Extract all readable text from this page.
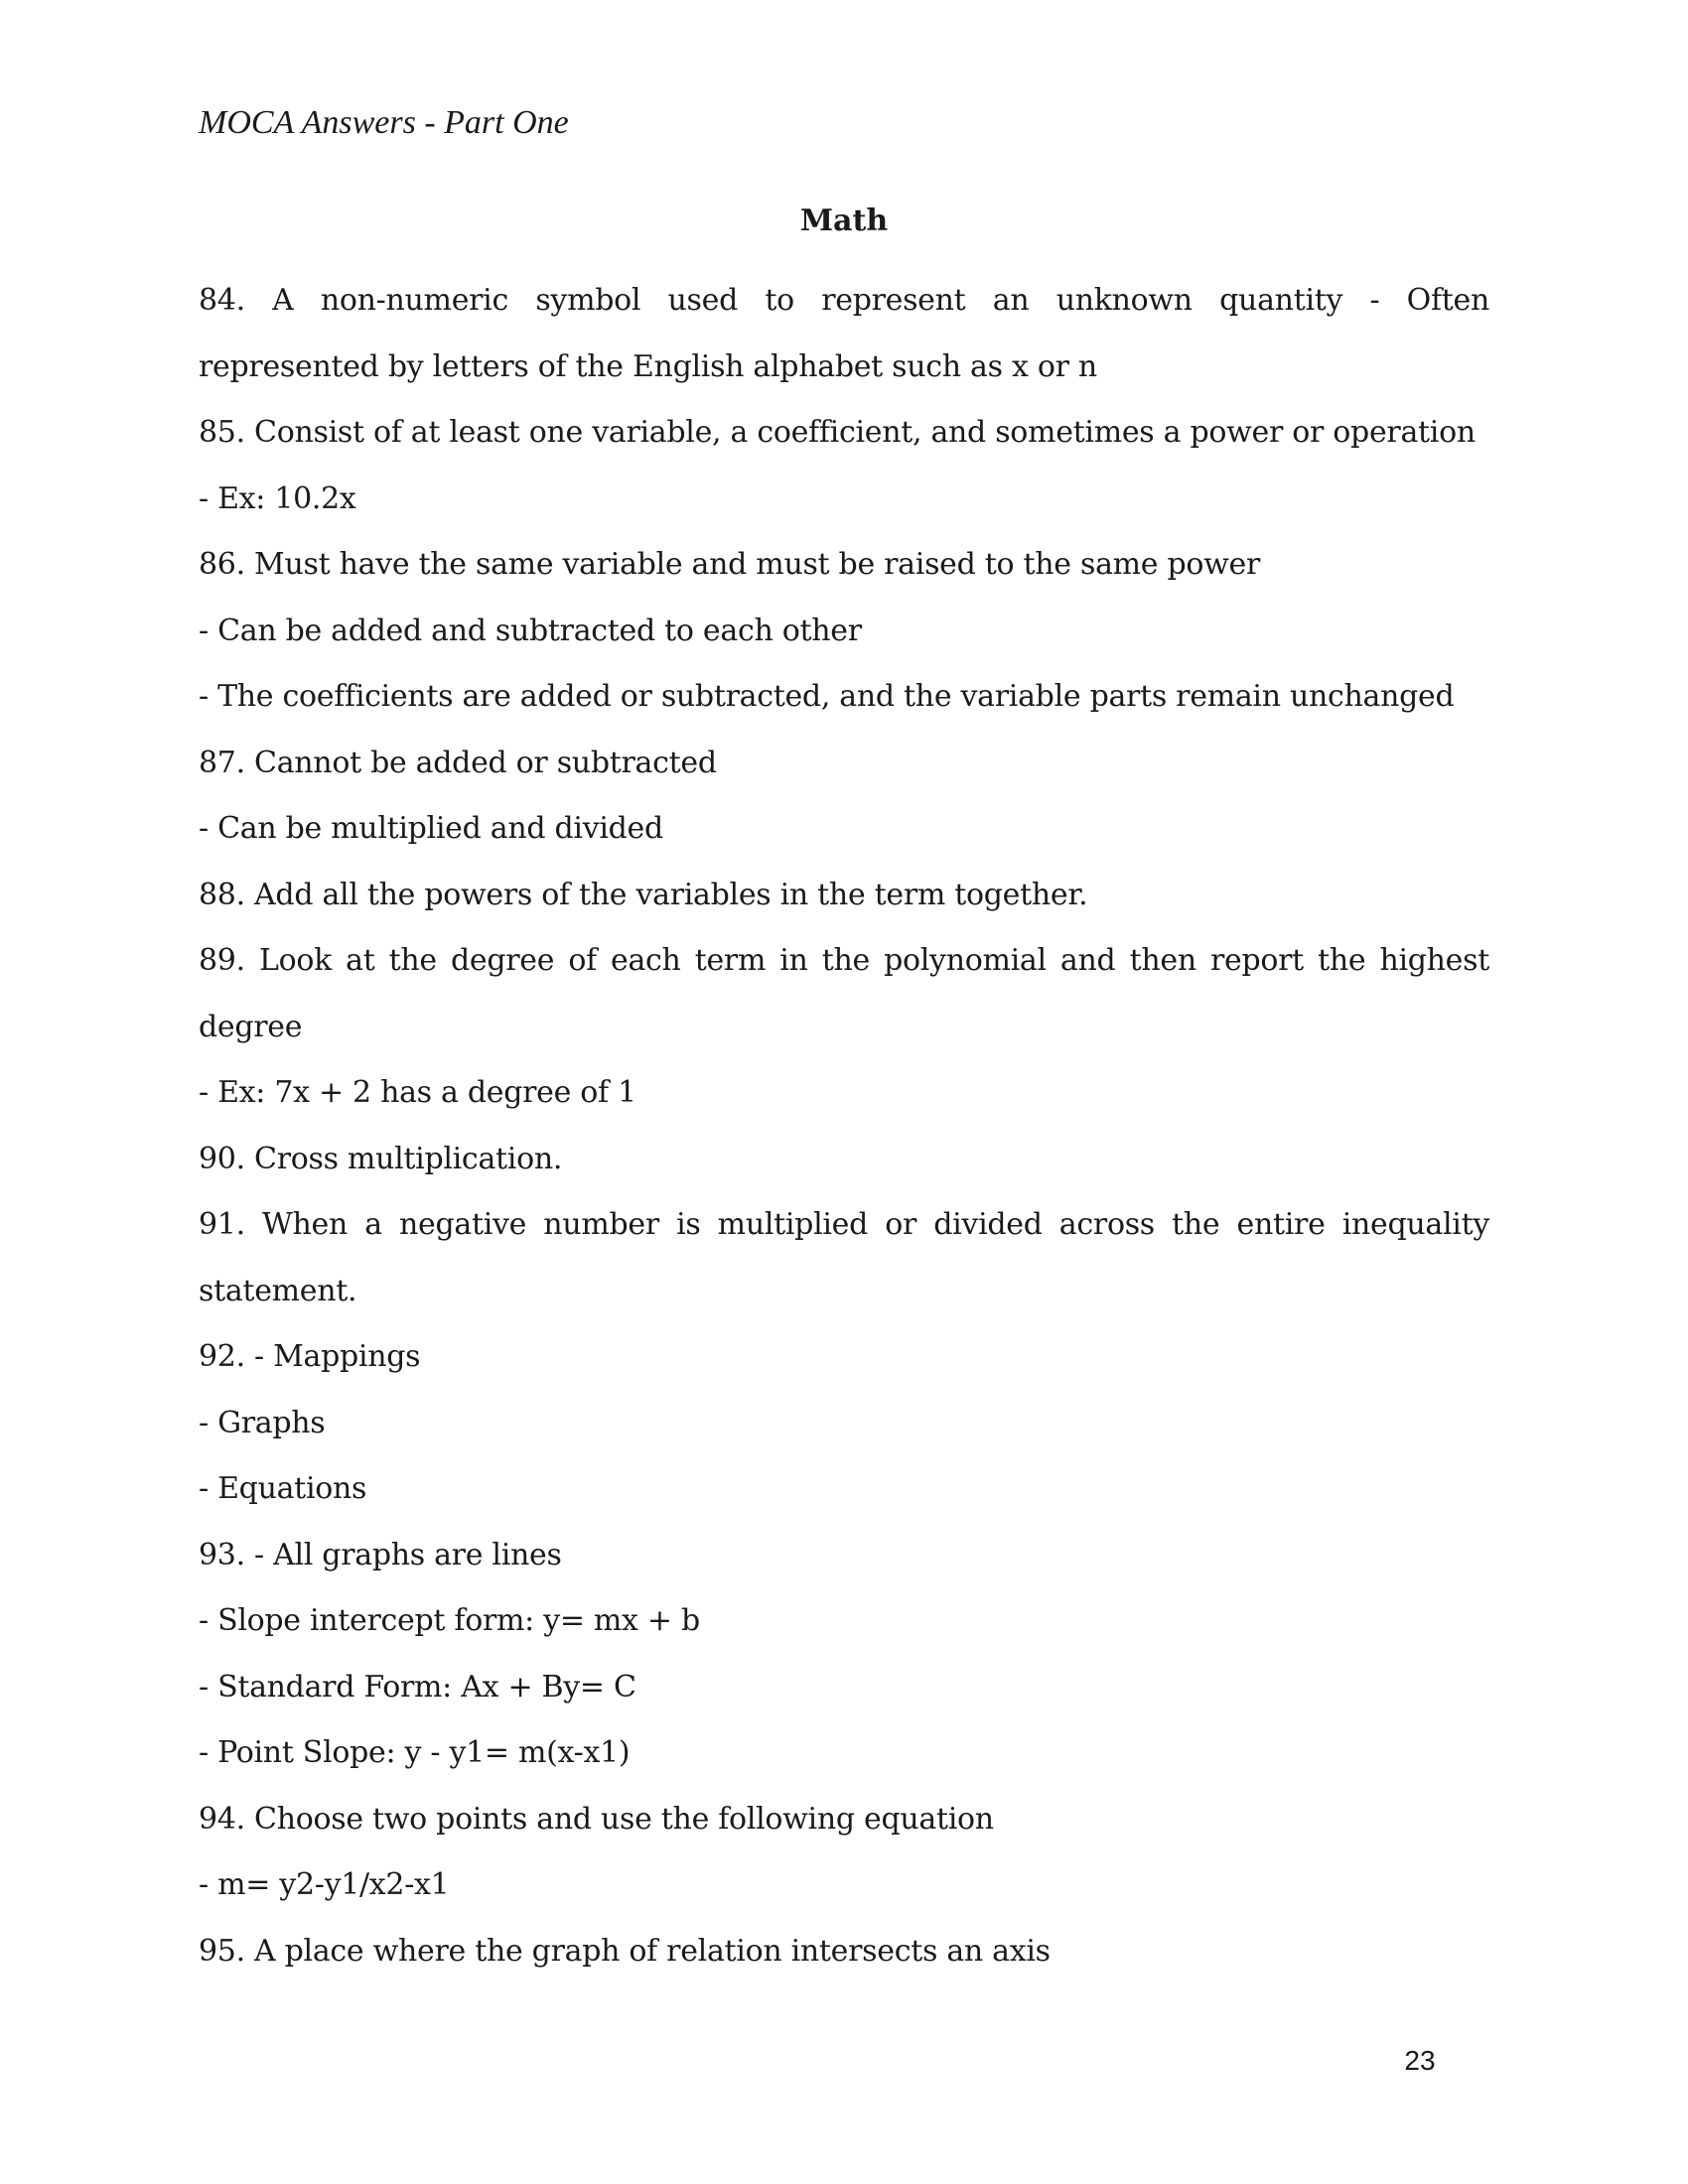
MOCA Answers - Part One
Math
84. A non-numeric symbol used to represent an unknown quantity - Often
represented by letters of the English alphabet such as x or n
85. Consist of at least one variable, a coefficient, and sometimes a power or operation
- Ex: 10.2x
86. Must have the same variable and must be raised to the same power
- Can be added and subtracted to each other
- The coefficients are added or subtracted, and the variable parts remain unchanged
87. Cannot be added or subtracted
- Can be multiplied and divided
88. Add all the powers of the variables in the term together.
89. Look at the degree of each term in the polynomial and then report the highest
degree
- Ex: 7x + 2 has a degree of 1
90. Cross multiplication.
91. When a negative number is multiplied or divided across the entire inequality
statement.
92. - Mappings
- Graphs
- Equations
93. - All graphs are lines
- Slope intercept form: y= mx + b
- Standard Form: Ax + By= C
- Point Slope: y - y1= m(x-x1)
94. Choose two points and use the following equation
- m= y2-y1/x2-x1
95. A place where the graph of relation intersects an axis
23
